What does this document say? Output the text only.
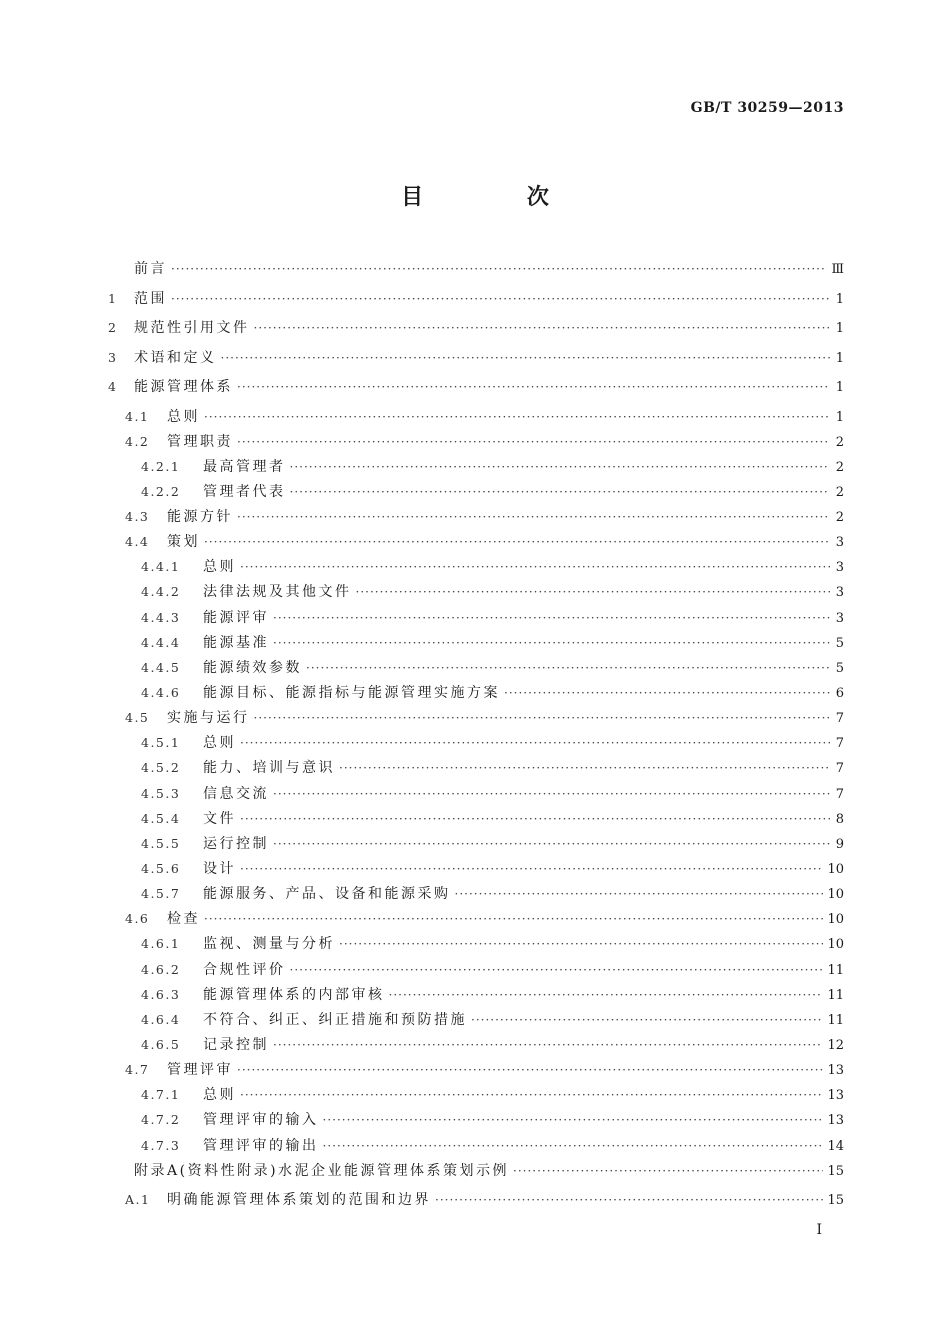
GB/T 30259—2013
目 次
前言 ·····	Ⅲ
1	范围 ·····	1
2	规范性引用文件 ·····	1
3	术语和定义 ·····	1
4	能源管理体系 ·····	1
4.1 总则 ·····	1
4.2 管理职责 ·····	2
4.2.1	最高管理者 ·····	2
4.2.2	管理者代表 ·····	2
4.3 能源方针 ·····	2
4.4 策划 ·····	3
4.4.1	总则 ·····	3
4.4.2	法律法规及其他文件 ·····	3
4.4.3	能源评审 ·····	3
4.4.4	能源基准 ·····	5
4.4.5	能源绩效参数 ·····	5
4.4.6	能源目标、能源指标与能源管理实施方案 ·····	6
4.5 实施与运行 ·····	7
4.5.1	总则 ·····	7
4.5.2	能力、培训与意识 ·····	7
4.5.3	信息交流 ·····	7
4.5.4	文件 ·····	8
4.5.5	运行控制 ·····	9
4.5.6	设计 ·····	10
4.5.7	能源服务、产品、设备和能源采购 ·····	10
4.6 检查 ·····	10
4.6.1	监视、测量与分析 ·····	10
4.6.2	合规性评价 ·····	11
4.6.3	能源管理体系的内部审核 ·····	11
4.6.4	不符合、纠正、纠正措施和预防措施 ·····	11
4.6.5	记录控制 ·····	12
4.7 管理评审 ·····	13
4.7.1	总则 ·····	13
4.7.2	管理评审的输入 ·····	13
4.7.3	管理评审的输出 ·····	14
附录A(资料性附录)水泥企业能源管理体系策划示例 ·····	15
A.1 明确能源管理体系策划的范围和边界 ·····	15
I
